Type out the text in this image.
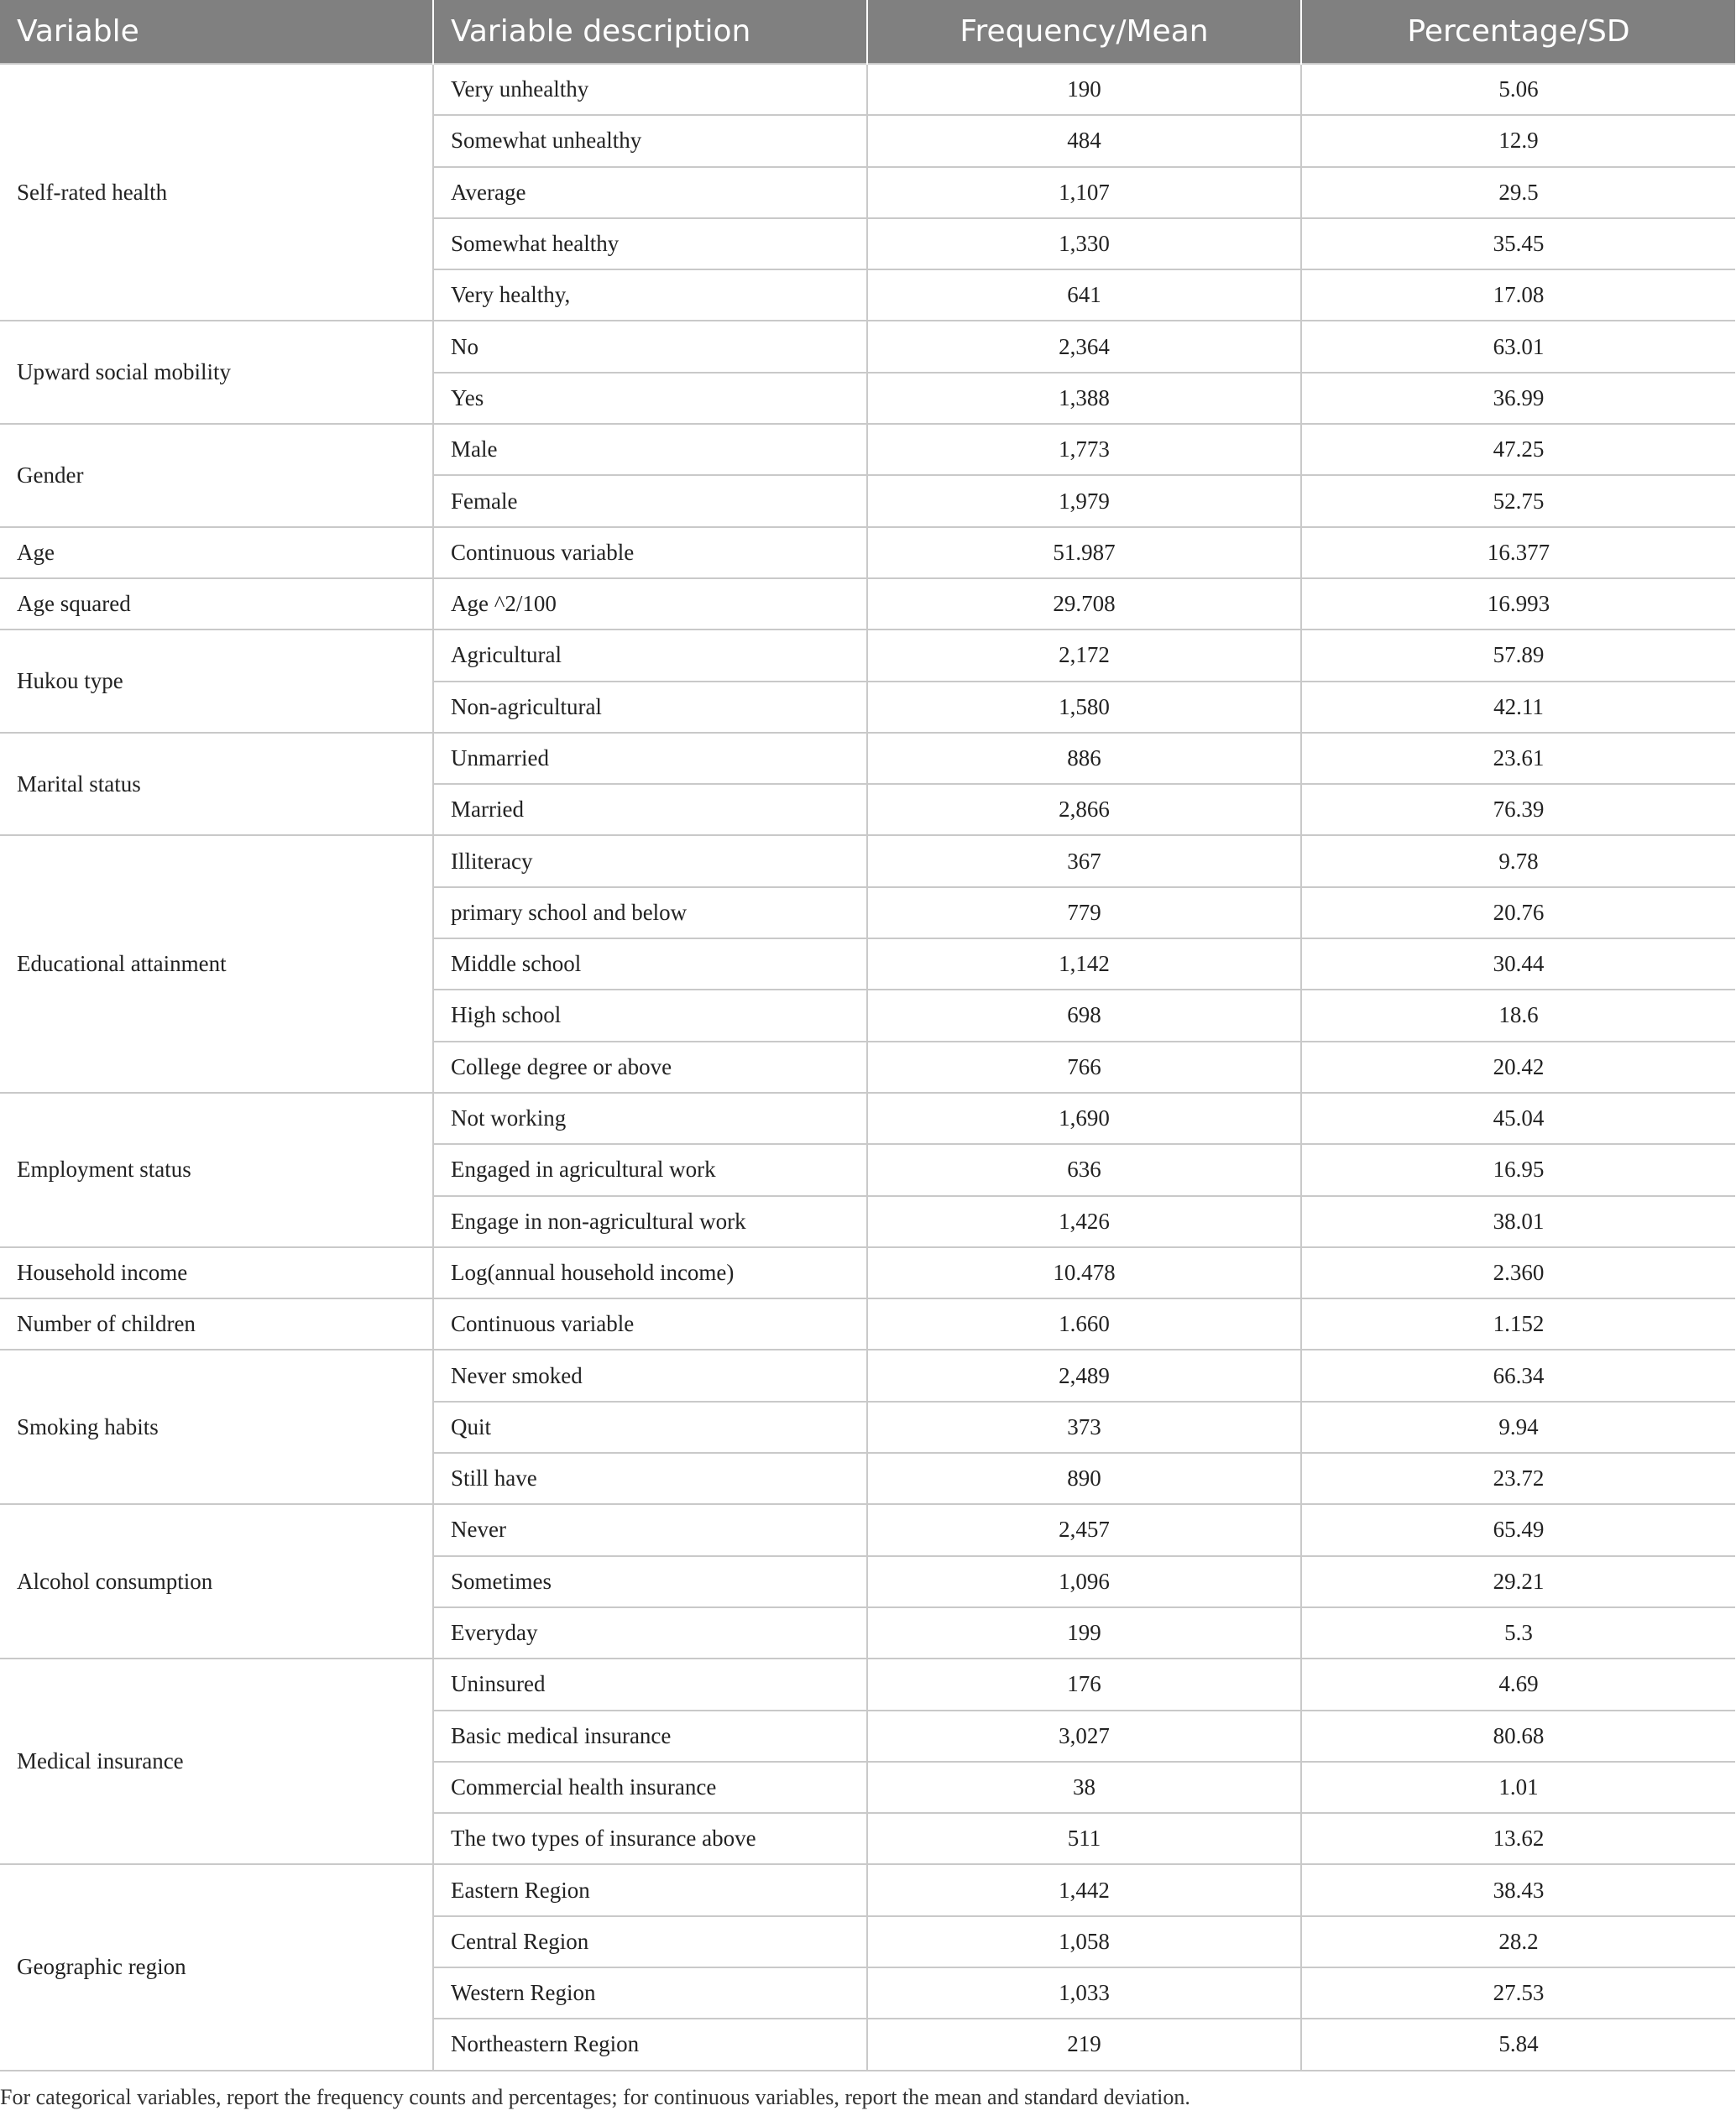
Variable	Variable description	Frequency/Mean	Percentage/SD
Self-rated health	Very unhealthy	190	5.06
	Somewhat unhealthy	484	12.9
	Average	1,107	29.5
	Somewhat healthy	1,330	35.45
	Very healthy,	641	17.08
Upward social mobility	No	2,364	63.01
	Yes	1,388	36.99
Gender	Male	1,773	47.25
	Female	1,979	52.75
Age	Continuous variable	51.987	16.377
Age squared	Age ^2/100	29.708	16.993
Hukou type	Agricultural	2,172	57.89
	Non-agricultural	1,580	42.11
Marital status	Unmarried	886	23.61
	Married	2,866	76.39
Educational attainment	Illiteracy	367	9.78
	primary school and below	779	20.76
	Middle school	1,142	30.44
	High school	698	18.6
	College degree or above	766	20.42
Employment status	Not working	1,690	45.04
	Engaged in agricultural work	636	16.95
	Engage in non-agricultural work	1,426	38.01
Household income	Log(annual household income)	10.478	2.360
Number of children	Continuous variable	1.660	1.152
Smoking habits	Never smoked	2,489	66.34
	Quit	373	9.94
	Still have	890	23.72
Alcohol consumption	Never	2,457	65.49
	Sometimes	1,096	29.21
	Everyday	199	5.3
Medical insurance	Uninsured	176	4.69
	Basic medical insurance	3,027	80.68
	Commercial health insurance	38	1.01
	The two types of insurance above	511	13.62
Geographic region	Eastern Region	1,442	38.43
	Central Region	1,058	28.2
	Western Region	1,033	27.53
	Northeastern Region	219	5.84
For categorical variables, report the frequency counts and percentages; for continuous variables, report the mean and standard deviation.
